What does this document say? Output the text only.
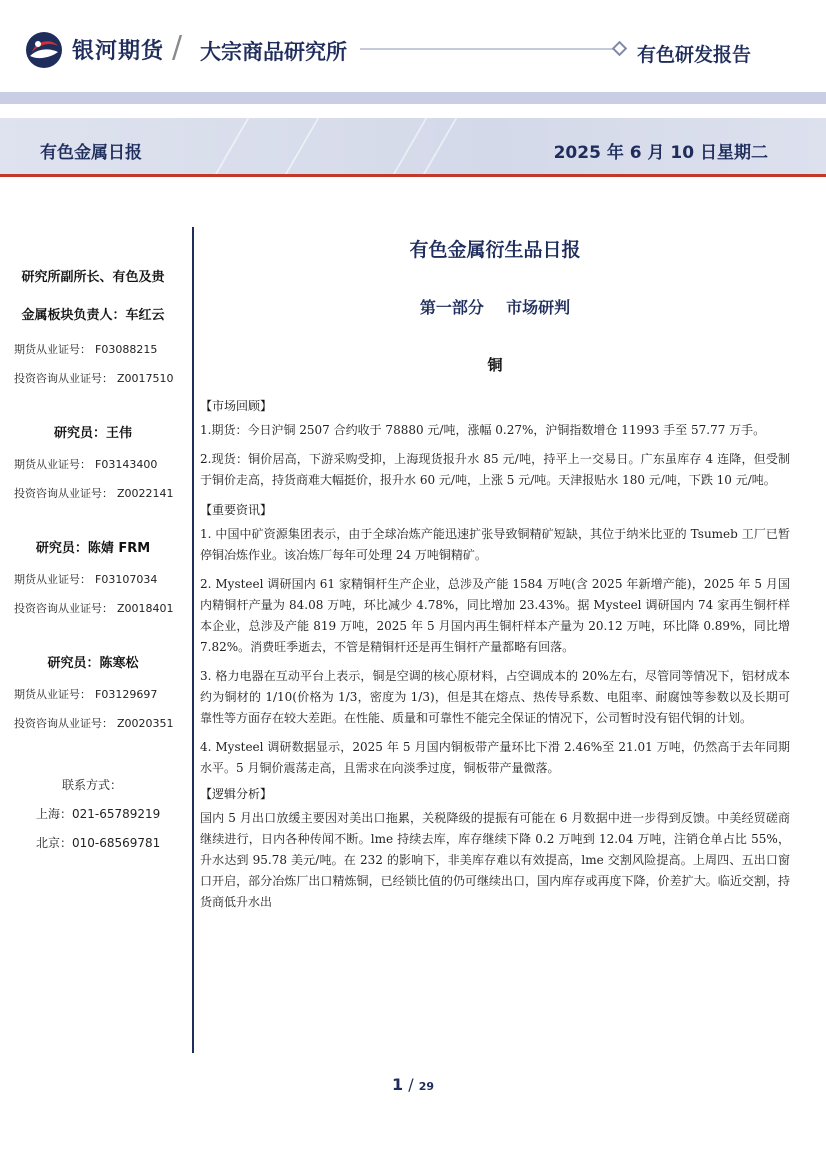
银河期货 / 大宗商品研究所	有色研发报告
有色金属日报	2025 年 6 月 10 日星期二
研究所副所长、有色及贵
金属板块负责人：车红云
期货从业证号： F03088215
投资咨询从业证号： Z0017510
研究员：王伟
期货从业证号： F03143400
投资咨询从业证号： Z0022141
研究员：陈婧 FRM
期货从业证号： F03107034
投资咨询从业证号： Z0018401
研究员：陈寒松
期货从业证号： F03129697
投资咨询从业证号： Z0020351
联系方式：
上海：021-65789219
北京：010-68569781
有色金属衍生品日报
第一部分    市场研判
铜
【市场回顾】
1.期货：今日沪铜 2507 合约收于 78880 元/吨，涨幅 0.27%，沪铜指数增仓 11993 手至 57.77 万手。
2.现货：铜价居高，下游采购受抑，上海现货报升水 85 元/吨，持平上一交易日。广东虽库存 4 连降，但受制于铜价走高，持货商难大幅挺价，报升水 60 元/吨，上涨 5 元/吨。天津报贴水 180 元/吨，下跌 10 元/吨。
【重要资讯】
1. 中国中矿资源集团表示，由于全球冶炼产能迅速扩张导致铜精矿短缺，其位于纳米比亚的 Tsumeb 工厂已暂停铜冶炼作业。该冶炼厂每年可处理 24 万吨铜精矿。
2. Mysteel 调研国内 61 家精铜杆生产企业，总涉及产能 1584 万吨(含 2025 年新增产能)，2025 年 5 月国内精铜杆产量为 84.08 万吨，环比减少 4.78%，同比增加 23.43%。据 Mysteel 调研国内 74 家再生铜杆样本企业，总涉及产能 819 万吨，2025 年 5 月国内再生铜杆样本产量为 20.12 万吨，环比降 0.89%，同比增 7.82%。消费旺季逝去，不管是精铜杆还是再生铜杆产量都略有回落。
3. 格力电器在互动平台上表示，铜是空调的核心原材料，占空调成本的 20%左右，尽管同等情况下，铝材成本约为铜材的 1/10(价格为 1/3，密度为 1/3)，但是其在熔点、热传导系数、电阻率、耐腐蚀等参数以及长期可靠性等方面存在较大差距。在性能、质量和可靠性不能完全保证的情况下，公司暂时没有铝代铜的计划。
4. Mysteel 调研数据显示，2025 年 5 月国内铜板带产量环比下滑 2.46%至 21.01 万吨，仍然高于去年同期水平。5 月铜价震荡走高，且需求在向淡季过度，铜板带产量微落。
【逻辑分析】
国内 5 月出口放缓主要因对美出口拖累，关税降级的提振有可能在 6 月数据中进一步得到反馈。中美经贸磋商继续进行，日内各种传闻不断。lme 持续去库，库存继续下降 0.2 万吨到 12.04 万吨，注销仓单占比 55%，升水达到 95.78 美元/吨。在 232 的影响下，非美库存难以有效提高，lme 交割风险提高。上周四、五出口窗口开启，部分冶炼厂出口精炼铜，已经锁比值的仍可继续出口，国内库存或再度下降，价差扩大。临近交割，持货商低升水出
1 / 29
